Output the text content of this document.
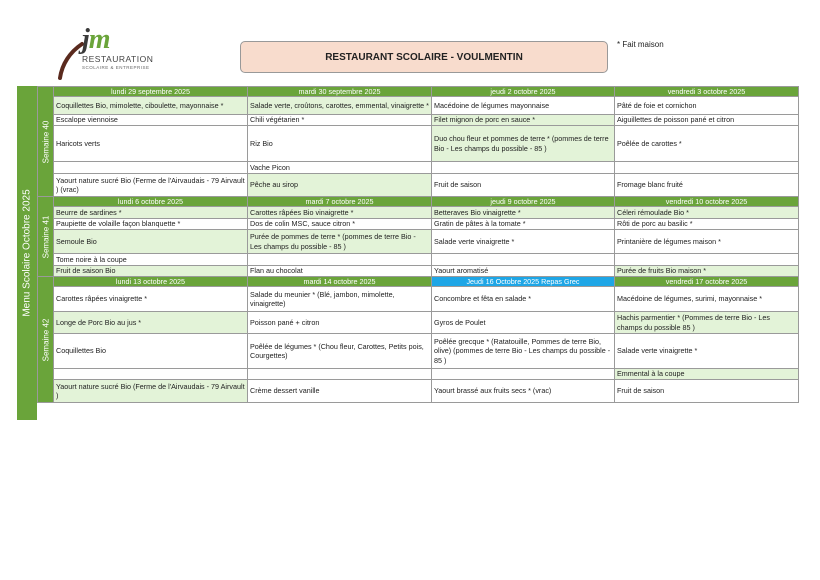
jm
RESTAURATION
SCOLAIRE & ENTREPRISE
RESTAURANT SCOLAIRE - VOULMENTIN
* Fait maison
Menu Scolaire Octobre 2025
Semaine 40	lundi 29 septembre 2025	mardi 30 septembre 2025	jeudi 2 octobre 2025	vendredi 3 octobre 2025
	Coquillettes Bio, mimolette, ciboulette, mayonnaise *	Salade verte, croûtons, carottes, emmental, vinaigrette *	Macédoine de légumes mayonnaise	Pâté de foie et cornichon
	Escalope viennoise	Chili végétarien *	Filet mignon de porc en sauce *	Aiguillettes de poisson pané et citron
	Haricots verts	Riz Bio	Duo chou fleur et pommes de terre * (pommes de terre Bio - Les champs du possible - 85 )	Poêlée de carottes *
		Vache Picon		
	Yaourt nature sucré Bio (Ferme de l'Airvaudais - 79 Airvault ) (vrac)	Pêche au sirop	Fruit de saison	Fromage blanc fruité

Semaine 41	lundi 6 octobre 2025	mardi 7 octobre 2025	jeudi 9 octobre 2025	vendredi 10 octobre 2025
	Beurre de sardines *	Carottes râpées Bio vinaigrette *	Betteraves Bio vinaigrette *	Céleri rémoulade Bio *
	Paupiette de volaille façon blanquette *	Dos de colin MSC, sauce citron *	Gratin de pâtes à la tomate *	Rôti de porc au basilic *
	Semoule Bio	Purée de pommes de terre * (pommes de terre Bio - Les champs du possible - 85 )	Salade verte vinaigrette *	Printanière de légumes maison *
	Tome noire à la coupe			
	Fruit de saison Bio	Flan au chocolat	Yaourt aromatisé	Purée de fruits Bio maison *

Semaine 42	lundi 13 octobre 2025	mardi 14 octobre 2025	Jeudi 16 Octobre 2025 Repas Grec	vendredi 17 octobre 2025
	Carottes râpées vinaigrette *	Salade du meunier * (Blé, jambon, mimolette, vinaigrette)	Concombre et fêta en salade *	Macédoine de légumes, surimi, mayonnaise *
	Longe de Porc Bio au jus *	Poisson pané + citron	Gyros de Poulet	Hachis parmentier * (Pommes de terre Bio - Les champs du possible 85 )
	Coquillettes Bio	Poêlée de légumes * (Chou fleur, Carottes, Petits pois, Courgettes)	Poêlée grecque * (Ratatouille, Pommes de terre Bio, olive) (pommes de terre Bio - Les champs du possible - 85 )	Salade verte vinaigrette *
				Emmental à la coupe
	Yaourt nature sucré Bio (Ferme de l'Airvaudais - 79 Airvault )	Crème dessert vanille	Yaourt brassé aux fruits secs * (vrac)	Fruit de saison
